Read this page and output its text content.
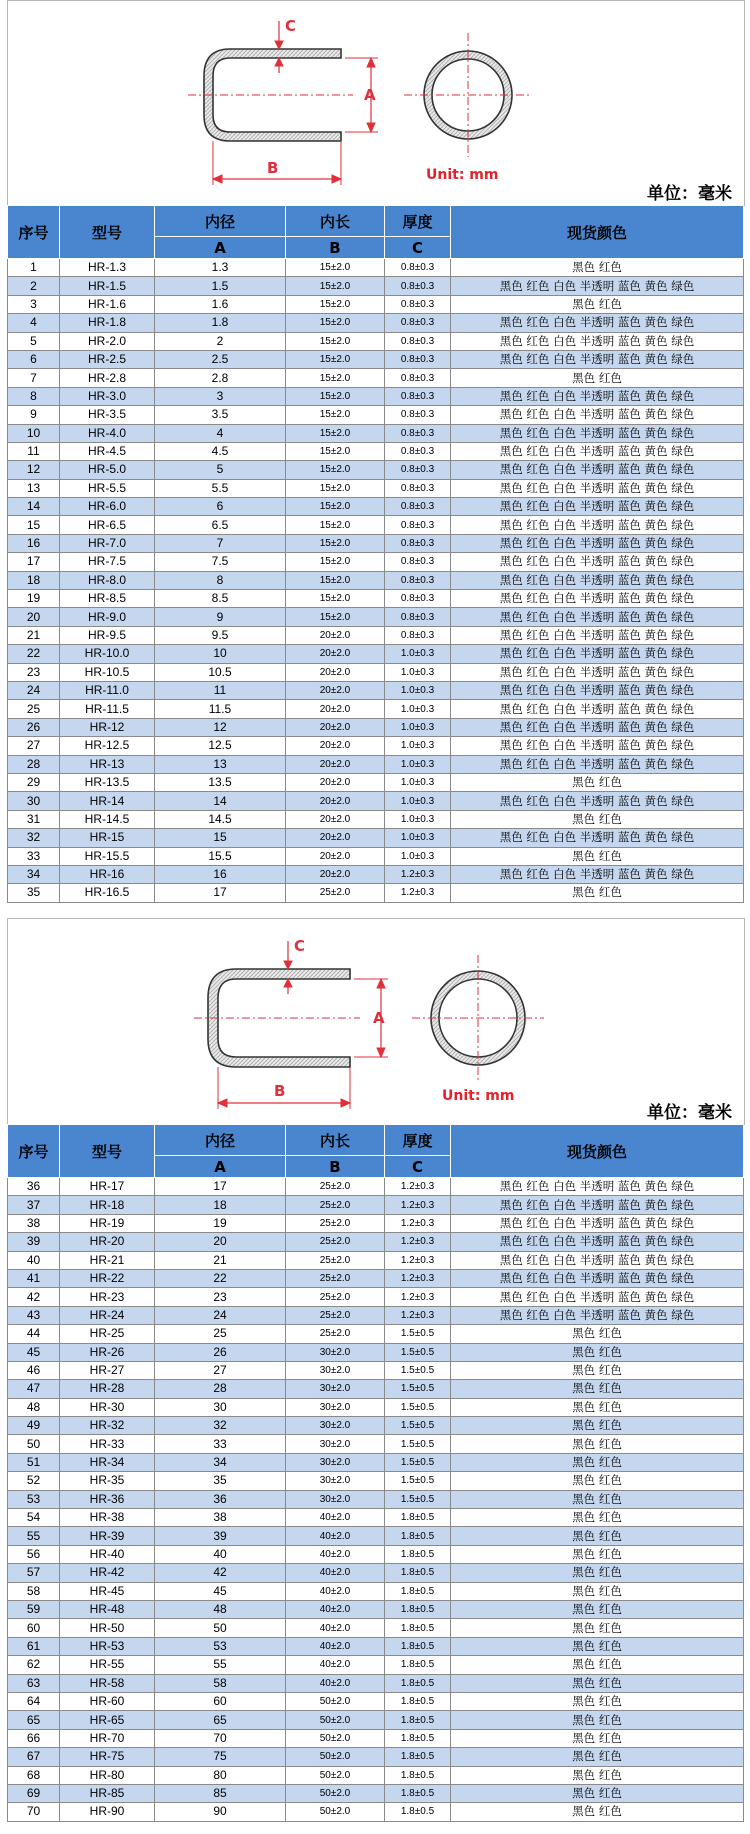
C
A
B	Unit: mm
单位：毫米
序号	型号	内径	内长	厚度	现货颜色
		A	B	C	
1	HR-1.3	1.3	15±2.0	0.8±0.3	黑色 红色
2	HR-1.5	1.5	15±2.0	0.8±0.3	黑色 红色 白色 半透明 蓝色 黄色 绿色
3	HR-1.6	1.6	15±2.0	0.8±0.3	黑色 红色
4	HR-1.8	1.8	15±2.0	0.8±0.3	黑色 红色 白色 半透明 蓝色 黄色 绿色
5	HR-2.0	2	15±2.0	0.8±0.3	黑色 红色 白色 半透明 蓝色 黄色 绿色
6	HR-2.5	2.5	15±2.0	0.8±0.3	黑色 红色 白色 半透明 蓝色 黄色 绿色
7	HR-2.8	2.8	15±2.0	0.8±0.3	黑色 红色
8	HR-3.0	3	15±2.0	0.8±0.3	黑色 红色 白色 半透明 蓝色 黄色 绿色
9	HR-3.5	3.5	15±2.0	0.8±0.3	黑色 红色 白色 半透明 蓝色 黄色 绿色
10	HR-4.0	4	15±2.0	0.8±0.3	黑色 红色 白色 半透明 蓝色 黄色 绿色
11	HR-4.5	4.5	15±2.0	0.8±0.3	黑色 红色 白色 半透明 蓝色 黄色 绿色
12	HR-5.0	5	15±2.0	0.8±0.3	黑色 红色 白色 半透明 蓝色 黄色 绿色
13	HR-5.5	5.5	15±2.0	0.8±0.3	黑色 红色 白色 半透明 蓝色 黄色 绿色
14	HR-6.0	6	15±2.0	0.8±0.3	黑色 红色 白色 半透明 蓝色 黄色 绿色
15	HR-6.5	6.5	15±2.0	0.8±0.3	黑色 红色 白色 半透明 蓝色 黄色 绿色
16	HR-7.0	7	15±2.0	0.8±0.3	黑色 红色 白色 半透明 蓝色 黄色 绿色
17	HR-7.5	7.5	15±2.0	0.8±0.3	黑色 红色 白色 半透明 蓝色 黄色 绿色
18	HR-8.0	8	15±2.0	0.8±0.3	黑色 红色 白色 半透明 蓝色 黄色 绿色
19	HR-8.5	8.5	15±2.0	0.8±0.3	黑色 红色 白色 半透明 蓝色 黄色 绿色
20	HR-9.0	9	15±2.0	0.8±0.3	黑色 红色 白色 半透明 蓝色 黄色 绿色
21	HR-9.5	9.5	20±2.0	0.8±0.3	黑色 红色 白色 半透明 蓝色 黄色 绿色
22	HR-10.0	10	20±2.0	1.0±0.3	黑色 红色 白色 半透明 蓝色 黄色 绿色
23	HR-10.5	10.5	20±2.0	1.0±0.3	黑色 红色 白色 半透明 蓝色 黄色 绿色
24	HR-11.0	11	20±2.0	1.0±0.3	黑色 红色 白色 半透明 蓝色 黄色 绿色
25	HR-11.5	11.5	20±2.0	1.0±0.3	黑色 红色 白色 半透明 蓝色 黄色 绿色
26	HR-12	12	20±2.0	1.0±0.3	黑色 红色 白色 半透明 蓝色 黄色 绿色
27	HR-12.5	12.5	20±2.0	1.0±0.3	黑色 红色 白色 半透明 蓝色 黄色 绿色
28	HR-13	13	20±2.0	1.0±0.3	黑色 红色 白色 半透明 蓝色 黄色 绿色
29	HR-13.5	13.5	20±2.0	1.0±0.3	黑色 红色
30	HR-14	14	20±2.0	1.0±0.3	黑色 红色 白色 半透明 蓝色 黄色 绿色
31	HR-14.5	14.5	20±2.0	1.0±0.3	黑色 红色
32	HR-15	15	20±2.0	1.0±0.3	黑色 红色 白色 半透明 蓝色 黄色 绿色
33	HR-15.5	15.5	20±2.0	1.0±0.3	黑色 红色
34	HR-16	16	20±2.0	1.2±0.3	黑色 红色 白色 半透明 蓝色 黄色 绿色
35	HR-16.5	17	25±2.0	1.2±0.3	黑色 红色
C
A
B	Unit: mm
单位：毫米
序号	型号	内径	内长	厚度	现货颜色
		A	B	C	
36	HR-17	17	25±2.0	1.2±0.3	黑色 红色 白色 半透明 蓝色 黄色 绿色
37	HR-18	18	25±2.0	1.2±0.3	黑色 红色 白色 半透明 蓝色 黄色 绿色
38	HR-19	19	25±2.0	1.2±0.3	黑色 红色 白色 半透明 蓝色 黄色 绿色
39	HR-20	20	25±2.0	1.2±0.3	黑色 红色 白色 半透明 蓝色 黄色 绿色
40	HR-21	21	25±2.0	1.2±0.3	黑色 红色 白色 半透明 蓝色 黄色 绿色
41	HR-22	22	25±2.0	1.2±0.3	黑色 红色 白色 半透明 蓝色 黄色 绿色
42	HR-23	23	25±2.0	1.2±0.3	黑色 红色 白色 半透明 蓝色 黄色 绿色
43	HR-24	24	25±2.0	1.2±0.3	黑色 红色 白色 半透明 蓝色 黄色 绿色
44	HR-25	25	25±2.0	1.5±0.5	黑色 红色
45	HR-26	26	30±2.0	1.5±0.5	黑色 红色
46	HR-27	27	30±2.0	1.5±0.5	黑色 红色
47	HR-28	28	30±2.0	1.5±0.5	黑色 红色
48	HR-30	30	30±2.0	1.5±0.5	黑色 红色
49	HR-32	32	30±2.0	1.5±0.5	黑色 红色
50	HR-33	33	30±2.0	1.5±0.5	黑色 红色
51	HR-34	34	30±2.0	1.5±0.5	黑色 红色
52	HR-35	35	30±2.0	1.5±0.5	黑色 红色
53	HR-36	36	30±2.0	1.5±0.5	黑色 红色
54	HR-38	38	40±2.0	1.8±0.5	黑色 红色
55	HR-39	39	40±2.0	1.8±0.5	黑色 红色
56	HR-40	40	40±2.0	1.8±0.5	黑色 红色
57	HR-42	42	40±2.0	1.8±0.5	黑色 红色
58	HR-45	45	40±2.0	1.8±0.5	黑色 红色
59	HR-48	48	40±2.0	1.8±0.5	黑色 红色
60	HR-50	50	40±2.0	1.8±0.5	黑色 红色
61	HR-53	53	40±2.0	1.8±0.5	黑色 红色
62	HR-55	55	40±2.0	1.8±0.5	黑色 红色
63	HR-58	58	40±2.0	1.8±0.5	黑色 红色
64	HR-60	60	50±2.0	1.8±0.5	黑色 红色
65	HR-65	65	50±2.0	1.8±0.5	黑色 红色
66	HR-70	70	50±2.0	1.8±0.5	黑色 红色
67	HR-75	75	50±2.0	1.8±0.5	黑色 红色
68	HR-80	80	50±2.0	1.8±0.5	黑色 红色
69	HR-85	85	50±2.0	1.8±0.5	黑色 红色
70	HR-90	90	50±2.0	1.8±0.5	黑色 红色
